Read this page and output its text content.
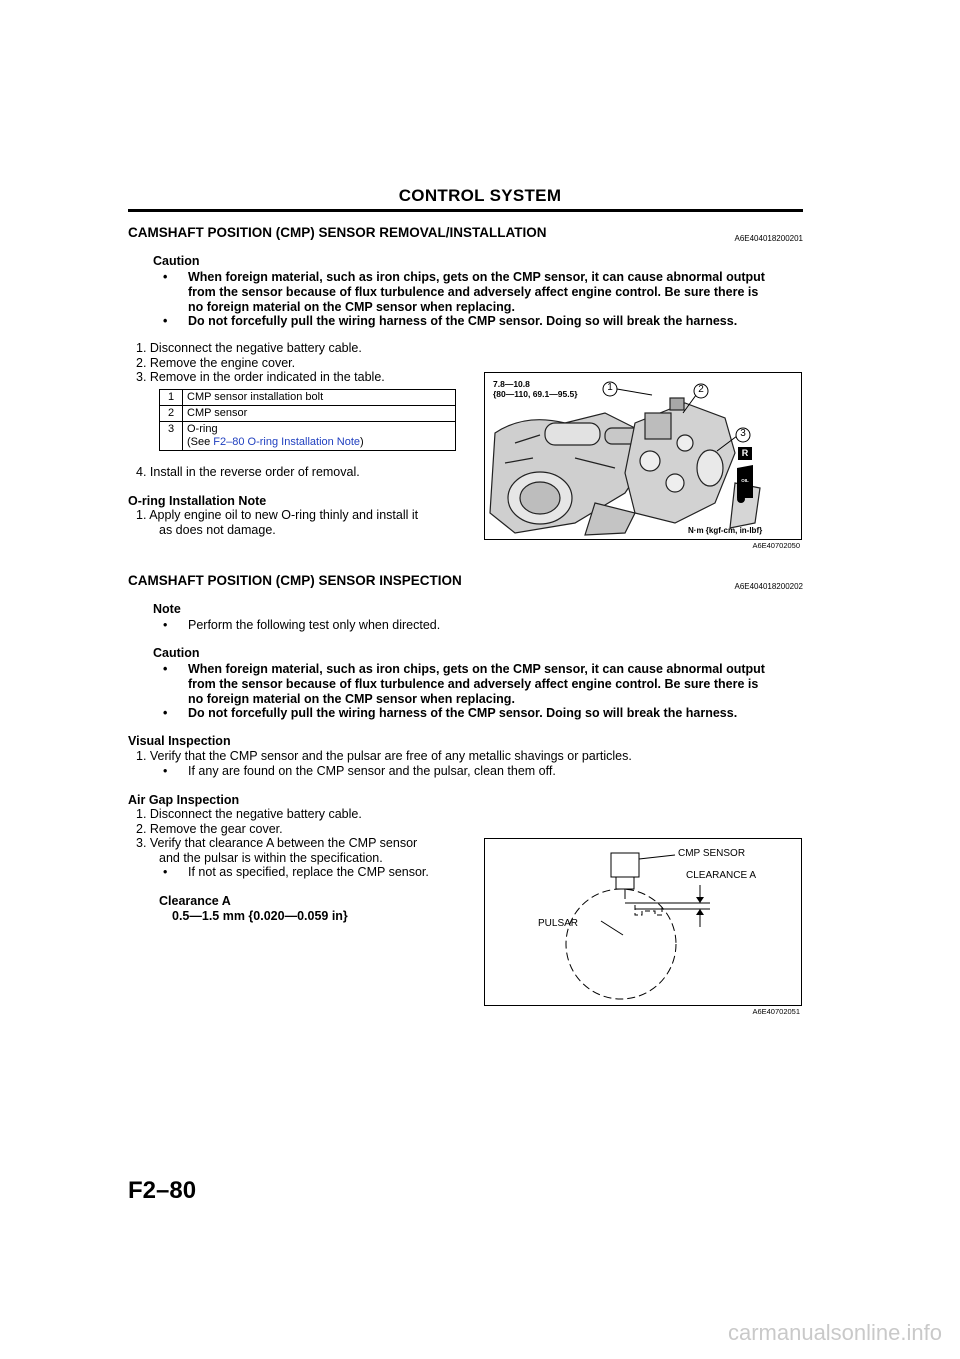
CONTROL SYSTEM
CAMSHAFT POSITION (CMP) SENSOR REMOVAL/INSTALLATION	A6E404018200201
Caution
• When foreign material, such as iron chips, gets on the CMP sensor, it can cause abnormal output
from the sensor because of flux turbulence and adversely affect engine control. Be sure there is
no foreign material on the CMP sensor when replacing.
• Do not forcefully pull the wiring harness of the CMP sensor. Doing so will break the harness.
1. Disconnect the negative battery cable.
2. Remove the engine cover.
3. Remove in the order indicated in the table.
1	CMP sensor installation bolt
2	CMP sensor
3	O-ring
(See F2–80 O-ring Installation Note)
4. Install in the reverse order of removal.
O-ring Installation Note
1. Apply engine oil to new O-ring thinly and install it
as does not damage.
7.8—10.8
{80—110, 69.1—95.5}
1	2
3
R
OIL
N·m {kgf-cm, in-lbf}
A6E40702050
CAMSHAFT POSITION (CMP) SENSOR INSPECTION	A6E404018200202
Note
• Perform the following test only when directed.
Caution
• When foreign material, such as iron chips, gets on the CMP sensor, it can cause abnormal output
from the sensor because of flux turbulence and adversely affect engine control. Be sure there is
no foreign material on the CMP sensor when replacing.
• Do not forcefully pull the wiring harness of the CMP sensor. Doing so will break the harness.
Visual Inspection
1. Verify that the CMP sensor and the pulsar are free of any metallic shavings or particles.
• If any are found on the CMP sensor and the pulsar, clean them off.
Air Gap Inspection
1. Disconnect the negative battery cable.
2. Remove the gear cover.
3. Verify that clearance A between the CMP sensor
and the pulsar is within the specification.
• If not as specified, replace the CMP sensor.
Clearance A
0.5—1.5 mm {0.020—0.059 in}
CMP SENSOR
CLEARANCE A
PULSAR
A6E40702051
F2–80
carmanualsonline.info
